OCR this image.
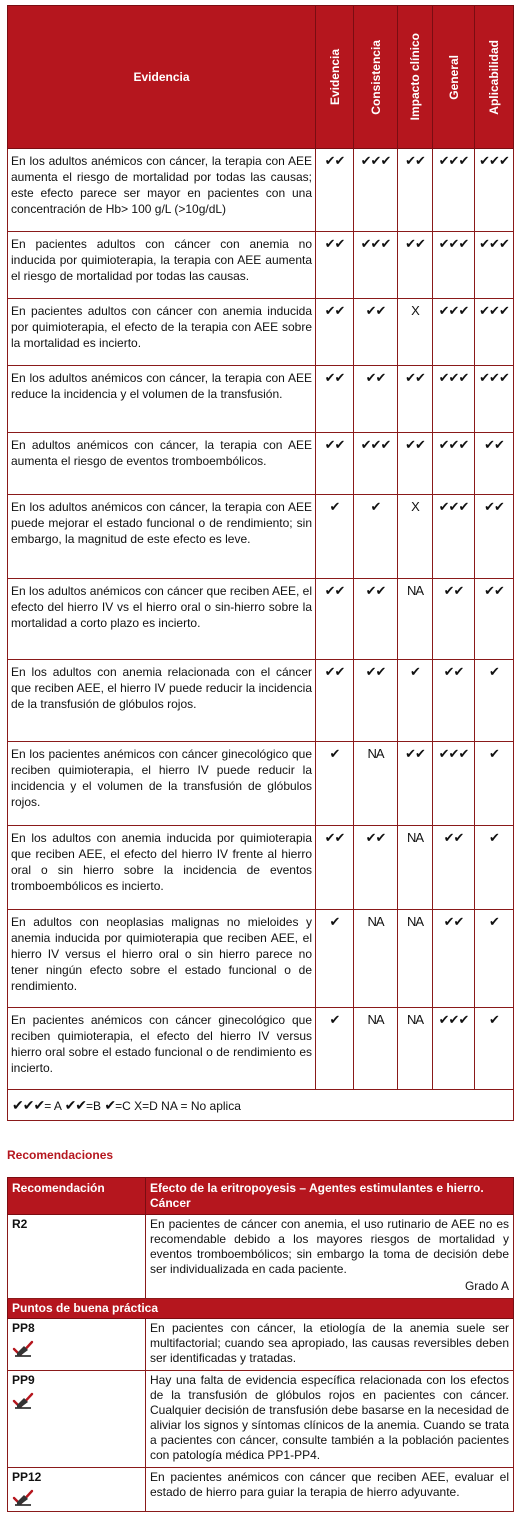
Evidencia	Evidencia	Consistencia	Impacto clínico	General	Aplicabilidad

En los adultos anémicos con cáncer, la terapia con AEE aumenta el riesgo de mortalidad por todas las causas; este efecto parece ser mayor en pacientes con una concentración de Hb> 100 g/L (>10g/dL)	✔✔	✔✔✔	✔✔	✔✔✔	✔✔✔
En pacientes adultos con cáncer con anemia no inducida por quimioterapia, la terapia con AEE aumenta el riesgo de mortalidad por todas las causas.	✔✔	✔✔✔	✔✔	✔✔✔	✔✔✔
En pacientes adultos con cáncer con anemia inducida por quimioterapia, el efecto de la terapia con AEE sobre la mortalidad es incierto.	✔✔	✔✔	X	✔✔✔	✔✔✔
En los adultos anémicos con cáncer, la terapia con AEE reduce la incidencia y el volumen de la transfusión.	✔✔	✔✔	✔✔	✔✔✔	✔✔✔
En adultos anémicos con cáncer, la terapia con AEE aumenta el riesgo de eventos tromboembólicos.	✔✔	✔✔✔	✔✔	✔✔✔	✔✔
En los adultos anémicos con cáncer, la terapia con AEE puede mejorar el estado funcional o de rendimiento; sin embargo, la magnitud de este efecto es leve.	✔	✔	X	✔✔✔	✔✔
En los adultos anémicos con cáncer que reciben AEE, el efecto del hierro IV vs el hierro oral o sin-hierro sobre la mortalidad a corto plazo es incierto.	✔✔	✔✔	NA	✔✔	✔✔
En los adultos con anemia relacionada con el cáncer que reciben AEE, el hierro IV puede reducir la incidencia de la transfusión de glóbulos rojos.	✔✔	✔✔	✔	✔✔	✔
En los pacientes anémicos con cáncer ginecológico que reciben quimioterapia, el hierro IV puede reducir la incidencia y el volumen de la transfusión de glóbulos rojos.	✔	NA	✔✔	✔✔✔	✔
En los adultos con anemia inducida por quimioterapia que reciben AEE, el efecto del hierro IV frente al hierro oral o sin hierro sobre la incidencia de eventos tromboembólicos es incierto.	✔✔	✔✔	NA	✔✔	✔
En adultos con neoplasias malignas no mieloides y anemia inducida por quimioterapia que reciben AEE, el hierro IV versus el hierro oral o sin hierro parece no tener ningún efecto sobre el estado funcional o de rendimiento.	✔	NA	NA	✔✔	✔
En pacientes anémicos con cáncer ginecológico que reciben quimioterapia, el efecto del hierro IV versus hierro oral sobre el estado funcional o de rendimiento es incierto.	✔	NA	NA	✔✔✔	✔
✔✔✔= A ✔✔=B ✔=C X=D NA = No aplica					
Recomendaciones
Recomendación	Efecto de la eritropoyesis – Agentes estimulantes e hierro. Cáncer
R2	En pacientes de cáncer con anemia, el uso rutinario de AEE no es recomendable debido a los mayores riesgos de mortalidad y eventos tromboembólicos; sin embargo la toma de decisión debe ser individualizada en cada paciente.
Grado A

Puntos de buena práctica	

PP8	En pacientes con cáncer, la etiología de la anemia suele ser multifactorial; cuando sea apropiado, las causas reversibles deben ser identificadas y tratadas.

PP9	Hay una falta de evidencia específica relacionada con los efectos de la transfusión de glóbulos rojos en pacientes con cáncer. Cualquier decisión de transfusión debe basarse en la necesidad de aliviar los signos y síntomas clínicos de la anemia. Cuando se trata a pacientes con cáncer, consulte también a la población pacientes con patología médica PP1-PP4.

PP12	En pacientes anémicos con cáncer que reciben AEE, evaluar el estado de hierro para guiar la terapia de hierro adyuvante.
